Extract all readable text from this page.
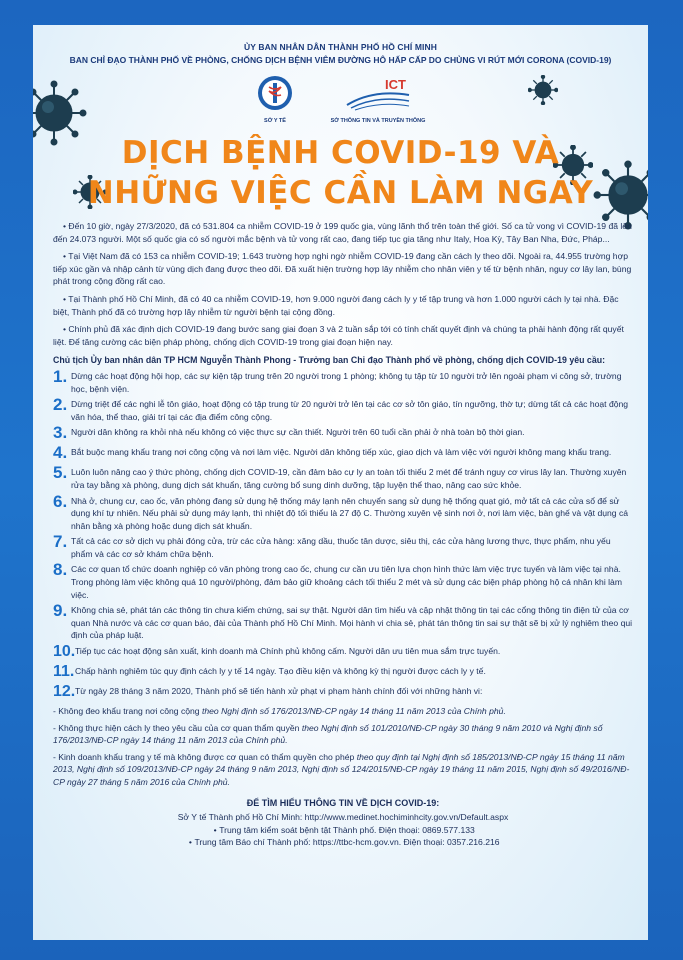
ỦY BAN NHÂN DÂN THÀNH PHỐ HỒ CHÍ MINH
BAN CHỈ ĐẠO THÀNH PHỐ VỀ PHÒNG, CHỐNG DỊCH BỆNH VIÊM ĐƯỜNG HÔ HẤP CẤP DO CHỦNG VI RÚT MỚI CORONA (COVID-19)
SỞ Y TẾ
ICT
SỞ THÔNG TIN VÀ TRUYỀN THÔNG
DỊCH BỆNH COVID-19 VÀ
NHỮNG VIỆC CẦN LÀM NGAY
• Đến 10 giờ, ngày 27/3/2020, đã có 531.804 ca nhiễm COVID-19 ở 199 quốc gia, vùng lãnh thổ trên toàn thế giới. Số ca tử vong vì COVID-19 đã lên đến 24.073 người. Một số quốc gia có số người mắc bệnh và tử vong rất cao, đang tiếp tục gia tăng như Italy, Hoa Kỳ, Tây Ban Nha, Đức, Pháp...
• Tại Việt Nam đã có 153 ca nhiễm COVID-19; 1.643 trường hợp nghi ngờ nhiễm COVID-19 đang cần cách ly theo dõi. Ngoài ra, 44.955 trường hợp tiếp xúc gần và nhập cảnh từ vùng dịch đang được theo dõi. Đã xuất hiện trường hợp lây nhiễm cho nhân viên y tế từ bệnh nhân, nguy cơ lây lan, bùng phát trong cộng đồng rất cao.
• Tại Thành phố Hồ Chí Minh, đã có 40 ca nhiễm COVID-19, hơn 9.000 người đang cách ly y tế tập trung và hơn 1.000 người cách ly tại nhà. Đặc biệt, Thành phố đã có trường hợp lây nhiễm từ người bệnh tại cộng đồng.
• Chính phủ đã xác định dịch COVID-19 đang bước sang giai đoạn 3 và 2 tuần sắp tới có tính chất quyết định và chúng ta phải hành động rất quyết liệt. Để tăng cường các biện pháp phòng, chống dịch COVID-19 trong giai đoạn hiện nay.
Chủ tịch Ủy ban nhân dân TP HCM Nguyễn Thành Phong - Trưởng ban Chỉ đạo Thành phố về phòng, chống dịch COVID-19 yêu cầu:
1. Dừng các hoạt động hội họp, các sự kiện tập trung trên 20 người trong 1 phòng; không tụ tập từ 10 người trở lên ngoài phạm vi công sở, trường học, bệnh viện.
2. Dừng triệt để các nghi lễ tôn giáo, hoạt động có tập trung từ 20 người trở lên tại các cơ sở tôn giáo, tín ngưỡng, thờ tự; dừng tất cả các hoạt động văn hóa, thể thao, giải trí tại các địa điểm công cộng.
3. Người dân không ra khỏi nhà nếu không có việc thực sự cần thiết. Người trên 60 tuổi cần phải ở nhà toàn bộ thời gian.
4. Bắt buộc mang khẩu trang nơi công cộng và nơi làm việc. Người dân không tiếp xúc, giao dịch và làm việc với người không mang khẩu trang.
5. Luôn luôn nâng cao ý thức phòng, chống dịch COVID-19, cần đảm bảo cự ly an toàn tối thiểu 2 mét để tránh nguy cơ virus lây lan. Thường xuyên rửa tay bằng xà phòng, dung dịch sát khuẩn, tăng cường bổ sung dinh dưỡng, tập luyện thể thao, nâng cao sức khỏe.
6. Nhà ở, chung cư, cao ốc, văn phòng đang sử dụng hệ thống máy lạnh nên chuyển sang sử dụng hệ thống quạt gió, mở tất cả các cửa sổ để sử dụng khí tự nhiên. Nếu phải sử dụng máy lạnh, thì nhiệt độ tối thiểu là 27 độ C. Thường xuyên vệ sinh nơi ở, nơi làm việc, bàn ghế và vật dụng cá nhân bằng xà phòng hoặc dung dịch sát khuẩn.
7. Tất cả các cơ sở dịch vụ phải đóng cửa, trừ các cửa hàng: xăng dầu, thuốc tân dược, siêu thị, các cửa hàng lương thực, thực phẩm, nhu yếu phẩm và các cơ sở khám chữa bệnh.
8. Các cơ quan tổ chức doanh nghiệp có văn phòng trong cao ốc, chung cư cần ưu tiên lựa chọn hình thức làm việc trực tuyến và làm việc tại nhà. Trong phòng làm việc không quá 10 người/phòng, đảm bảo giữ khoảng cách tối thiểu 2 mét và sử dụng các biện pháp phòng hộ cá nhân khi làm việc.
9. Không chia sẻ, phát tán các thông tin chưa kiểm chứng, sai sự thật. Người dân tìm hiểu và cập nhật thông tin tại các cổng thông tin điện tử của cơ quan Nhà nước và các cơ quan báo, đài của Thành phố Hồ Chí Minh. Mọi hành vi chia sẻ, phát tán thông tin sai sự thật sẽ bị xử lý nghiêm theo qui định của pháp luật.
10. Tiếp tục các hoạt động sản xuất, kinh doanh mà Chính phủ không cấm. Người dân ưu tiên mua sắm trực tuyến.
11. Chấp hành nghiêm túc quy định cách ly y tế 14 ngày. Tạo điều kiện và không kỳ thị người được cách ly y tế.
12. Từ ngày 28 tháng 3 năm 2020, Thành phố sẽ tiến hành xử phạt vi phạm hành chính đối với những hành vi:
- Không đeo khẩu trang nơi công cộng theo Nghị định số 176/2013/NĐ-CP ngày 14 tháng 11 năm 2013 của Chính phủ.
- Không thực hiện cách ly theo yêu cầu của cơ quan thẩm quyền theo Nghị định số 101/2010/NĐ-CP ngày 30 tháng 9 năm 2010 và Nghị định số 176/2013/NĐ-CP ngày 14 tháng 11 năm 2013 của Chính phủ.
- Kinh doanh khẩu trang y tế mà không được cơ quan có thẩm quyền cho phép theo quy định tại Nghị định số 185/2013/NĐ-CP ngày 15 tháng 11 năm 2013, Nghị định số 109/2013/NĐ-CP ngày 24 tháng 9 năm 2013, Nghị định số 124/2015/NĐ-CP ngày 19 tháng 11 năm 2015, Nghị định số 49/2016/NĐ-CP ngày 27 tháng 5 năm 2016 của Chính phủ.
ĐỂ TÌM HIỂU THÔNG TIN VỀ DỊCH COVID-19:
Sở Y tế Thành phố Hồ Chí Minh: http://www.medinet.hochiminhcity.gov.vn/Default.aspx
• Trung tâm kiểm soát bệnh tật Thành phố. Điện thoại: 0869.577.133
• Trung tâm Báo chí Thành phố: https://ttbc-hcm.gov.vn. Điện thoại: 0357.216.216
